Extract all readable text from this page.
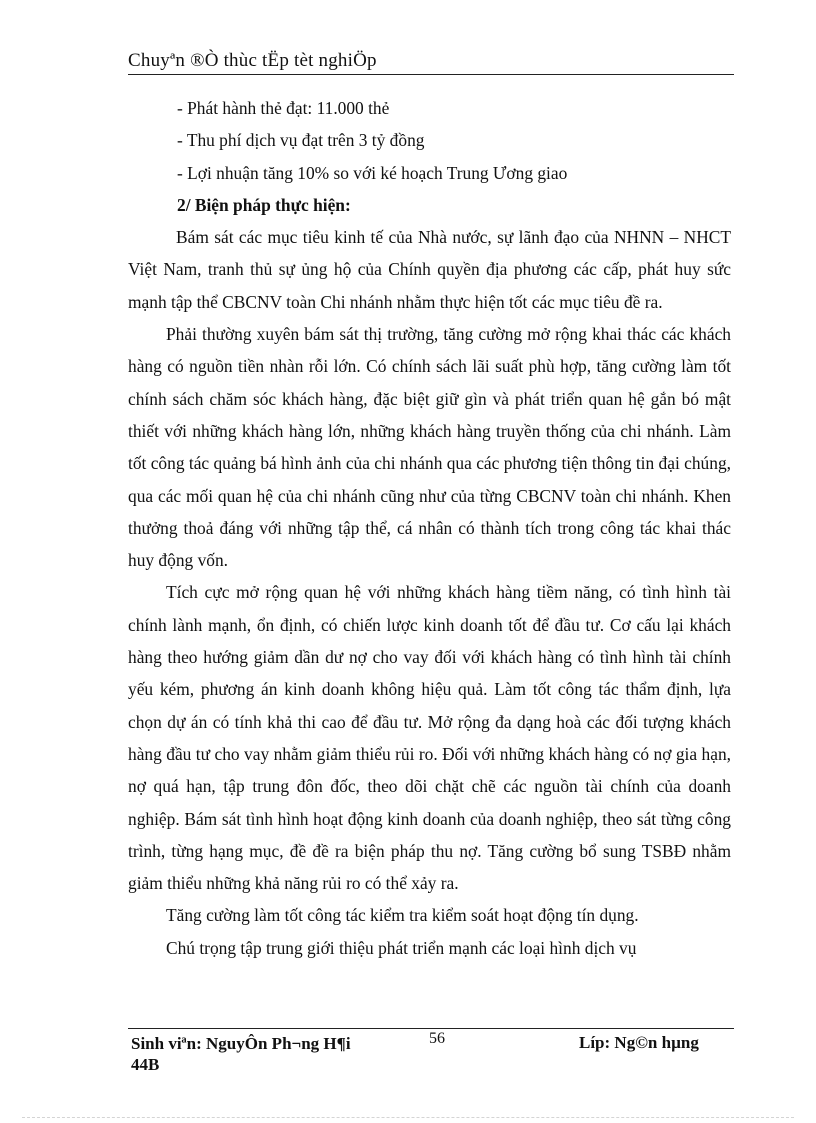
Chuyªn ®Ò thùc tËp tèt nghiÖp

- Phát hành thẻ đạt: 11.000 thẻ

- Thu phí dịch vụ đạt trên 3 tỷ đồng

- Lợi nhuận tăng 10% so với ké hoạch Trung Ương giao

2/ Biện pháp thực hiện:

Bám sát các mục tiêu kinh tế của Nhà nước, sự lãnh đạo của NHNN – NHCT Việt Nam, tranh thủ sự ủng hộ của Chính quyền địa phương các cấp, phát huy sức mạnh tập thể CBCNV toàn Chi nhánh nhằm thực hiện tốt các mục tiêu đề ra.

Phải thường xuyên bám sát thị trường, tăng cường mở rộng khai thác các khách hàng có nguồn tiền nhàn rỗi lớn. Có chính sách lãi suất phù hợp, tăng cường làm tốt chính sách chăm sóc khách hàng, đặc biệt giữ gìn và phát triển quan hệ gắn bó mật thiết với những khách hàng lớn, những khách hàng truyền thống của chi nhánh. Làm tốt công tác quảng bá hình ảnh của chi nhánh qua các phương tiện thông tin đại chúng, qua các mối quan hệ của chi nhánh cũng như của từng CBCNV toàn chi nhánh. Khen thưởng thoả đáng với những tập thể, cá nhân có thành tích trong công tác khai thác huy động vốn.

Tích cực mở rộng quan hệ với những khách hàng tiềm năng, có tình hình tài chính lành mạnh, ổn định, có chiến lược kinh doanh tốt để đầu tư. Cơ cấu lại khách hàng theo hướng giảm dần dư nợ cho vay đối với khách hàng có tình hình tài chính yếu kém, phương án kinh doanh không hiệu quả. Làm tốt công tác thẩm định, lựa chọn dự án có tính khả thi cao để đầu tư. Mở rộng đa dạng hoà các đối tượng khách hàng đầu tư cho vay nhằm giảm thiểu rủi ro. Đối với những khách hàng có nợ gia hạn, nợ quá hạn, tập trung đôn đốc, theo dõi chặt chẽ các nguồn tài chính của doanh nghiệp. Bám sát tình hình hoạt động kinh doanh của doanh nghiệp, theo sát từng công trình, từng hạng mục, đề đề ra biện pháp thu nợ. Tăng cường bổ sung TSBĐ nhằm giảm thiểu những khả năng rủi ro có thể xảy ra.

Tăng cường làm tốt công tác kiểm tra kiểm soát hoạt động tín dụng.

Chú trọng tập trung giới thiệu phát triển mạnh các loại hình dịch vụ

Sinh viªn: NguyÔn Ph¬ng H¶i
44B
56	Líp: Ng©n hµng
